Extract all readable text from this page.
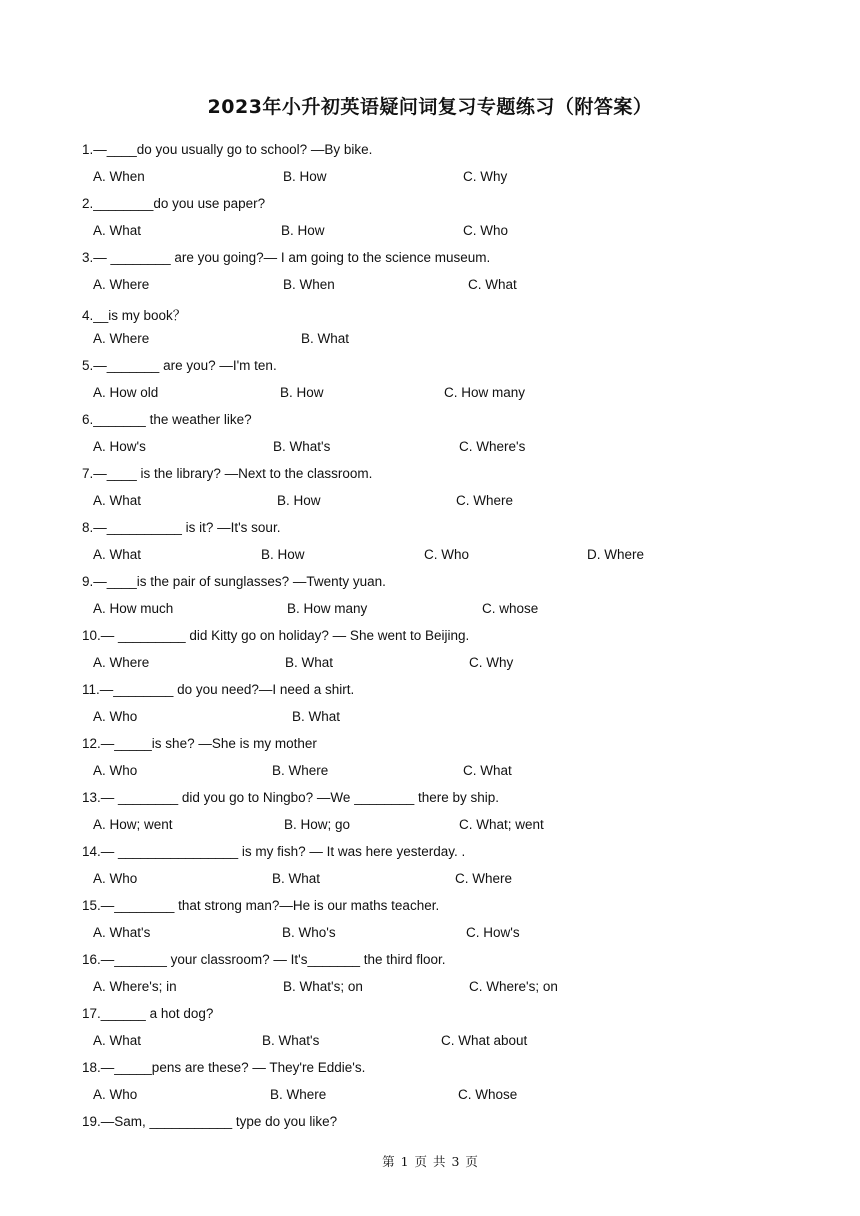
2023年小升初英语疑问词复习专题练习（附答案）
1.—____do you usually go to school? —By bike.
A. When	B. How	C. Why
2.________do you use paper?
A. What	B. How	C. Who
3.— ________ are you going?— I am going to the science museum.
A. Where	B. When	C. What
4.__is my book？
A. Where	B. What
5.—_______ are you? —I'm ten.
A. How old	B. How	C. How many
6._______ the weather like?
A. How's	B. What's	C. Where's
7.—____ is the library? —Next to the classroom.
A. What	B. How	C. Where
8.—__________ is it? —It's sour.
A. What	B. How	C. Who	D. Where
9.—____is the pair of sunglasses? —Twenty yuan.
A. How much	B. How many	C. whose
10.— _________ did Kitty go on holiday? — She went to Beijing.
A. Where	B. What	C. Why
11.—________ do you need?—I need a shirt.
A. Who	B. What
12.—_____is she? —She is my mother
A. Who	B. Where	C. What
13.— ________ did you go to Ningbo? —We ________ there by ship.
A. How; went	B. How; go	C. What; went
14.— ________________ is my fish? — It was here yesterday. .
A. Who	B. What	C. Where
15.—________ that strong man?—He is our maths teacher.
A. What's	B. Who's	C. How's
16.—_______ your classroom? — It's_______ the third floor.
A. Where's; in	B. What's; on	C. Where's; on
17.______ a hot dog?
A. What	B. What's	C. What about
18.—_____pens are these? — They're Eddie's.
A. Who	B. Where	C. Whose
19.—Sam, ___________ type do you like?
第 1 页 共 3 页
